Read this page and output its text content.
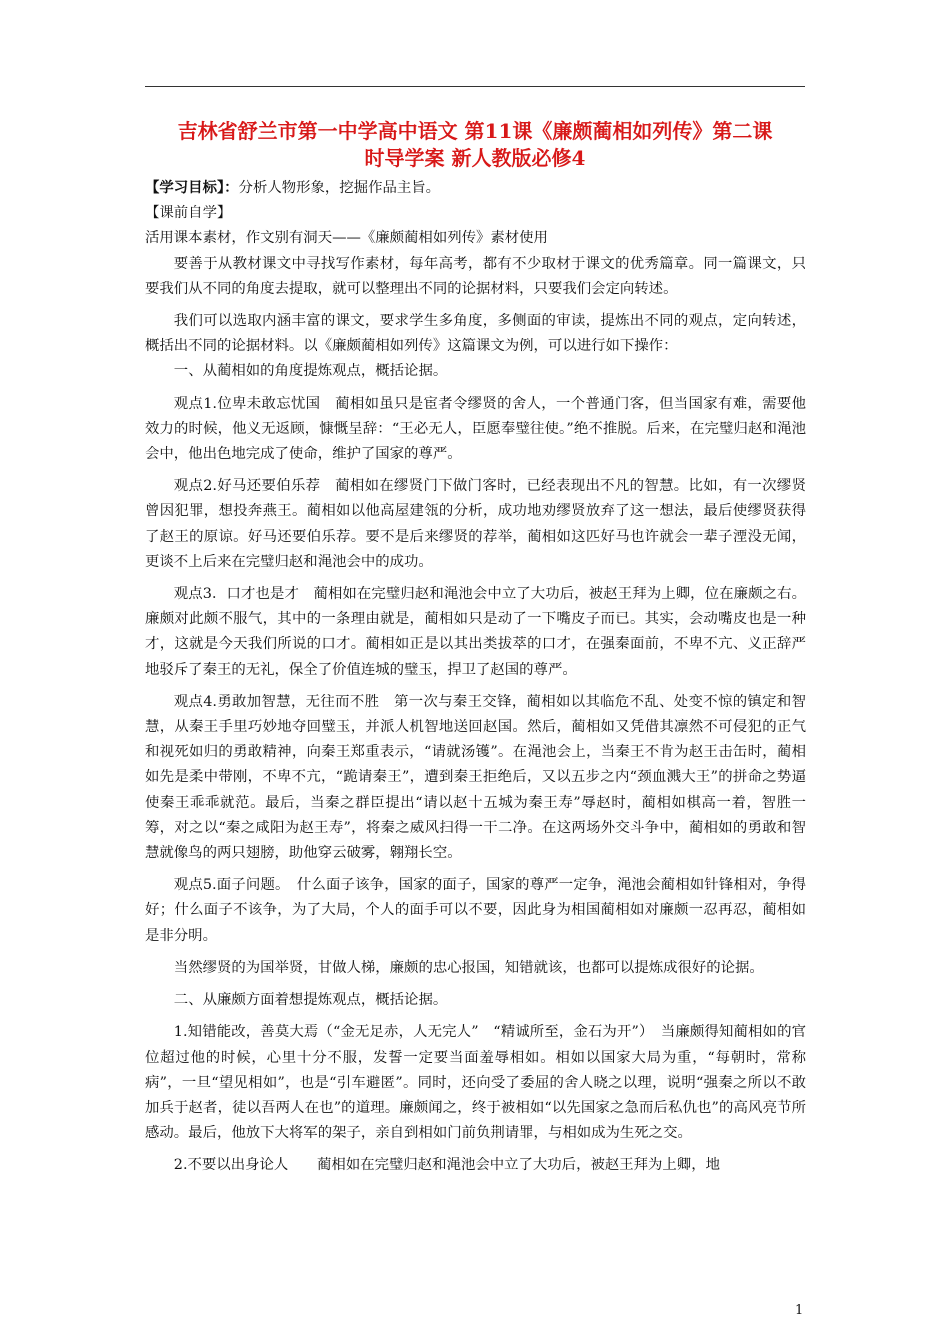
吉林省舒兰市第一中学高中语文 第11课《廉颇蔺相如列传》第二课
时导学案 新人教版必修4

【学习目标】：分析人物形象，挖掘作品主旨。

【课前自学】

活用课本素材，作文别有洞天——《廉颇蔺相如列传》素材使用

要善于从教材课文中寻找写作素材，每年高考，都有不少取材于课文的优秀篇章。同一篇课文，只要我们从不同的角度去提取，就可以整理出不同的论据材料，只要我们会定向转述。

我们可以选取内涵丰富的课文，要求学生多角度，多侧面的审读，提炼出不同的观点，定向转述，概括出不同的论据材料。以《廉颇蔺相如列传》这篇课文为例，可以进行如下操作：

一、从蔺相如的角度提炼观点，概括论据。

观点1.位卑未敢忘忧国　蔺相如虽只是宦者令缪贤的舍人，一个普通门客，但当国家有难，需要他效力的时候，他义无返顾，慷慨呈辞：“王必无人，臣愿奉璧往使。”绝不推脱。后来，在完璧归赵和渑池会中，他出色地完成了使命，维护了国家的尊严。

观点2.好马还要伯乐荐　蔺相如在缪贤门下做门客时，已经表现出不凡的智慧。比如，有一次缪贤曾因犯罪，想投奔燕王。蔺相如以他高屋建瓴的分析，成功地劝缪贤放弃了这一想法，最后使缪贤获得了赵王的原谅。好马还要伯乐荐。要不是后来缪贤的荐举，蔺相如这匹好马也许就会一辈子湮没无闻，更谈不上后来在完璧归赵和渑池会中的成功。

观点3．口才也是才　蔺相如在完璧归赵和渑池会中立了大功后，被赵王拜为上卿，位在廉颇之右。廉颇对此颇不服气，其中的一条理由就是，蔺相如只是动了一下嘴皮子而已。其实，会动嘴皮也是一种才，这就是今天我们所说的口才。蔺相如正是以其出类拔萃的口才，在强秦面前，不卑不亢、义正辞严地驳斥了秦王的无礼，保全了价值连城的璧玉，捍卫了赵国的尊严。

观点4.勇敢加智慧，无往而不胜　第一次与秦王交锋，蔺相如以其临危不乱、处变不惊的镇定和智慧，从秦王手里巧妙地夺回璧玉，并派人机智地送回赵国。然后，蔺相如又凭借其凛然不可侵犯的正气和视死如归的勇敢精神，向秦王郑重表示，“请就汤镬”。在渑池会上，当秦王不肯为赵王击缶时，蔺相如先是柔中带刚，不卑不亢，“跪请秦王”，遭到秦王拒绝后，又以五步之内“颈血溅大王”的拼命之势逼使秦王乖乖就范。最后，当秦之群臣提出“请以赵十五城为秦王寿”辱赵时，蔺相如棋高一着，智胜一筹，对之以“秦之咸阳为赵王寿”，将秦之威风扫得一干二净。在这两场外交斗争中，蔺相如的勇敢和智慧就像鸟的两只翅膀，助他穿云破雾，翱翔长空。

观点5.面子问题。　什么面子该争，国家的面子，国家的尊严一定争，渑池会蔺相如针锋相对，争得好；什么面子不该争，为了大局，个人的面手可以不要，因此身为相国蔺相如对廉颇一忍再忍，蔺相如是非分明。

当然缪贤的为国举贤，甘做人梯，廉颇的忠心报国，知错就该，也都可以提炼成很好的论据。

二、从廉颇方面着想提炼观点，概括论据。

1.知错能改，善莫大焉（“金无足赤，人无完人”　“精诚所至，金石为开”）　当廉颇得知蔺相如的官位超过他的时候，心里十分不服，发誓一定要当面羞辱相如。相如以国家大局为重，“每朝时，常称病”，一旦“望见相如”，也是“引车避匿”。同时，还向受了委屈的舍人晓之以理，说明“强秦之所以不敢加兵于赵者，徒以吾两人在也”的道理。廉颇闻之，终于被相如“以先国家之急而后私仇也”的高风亮节所感动。最后，他放下大将军的架子，亲自到相如门前负荆请罪，与相如成为生死之交。

2.不要以出身论人　　蔺相如在完璧归赵和渑池会中立了大功后，被赵王拜为上卿，地

1
